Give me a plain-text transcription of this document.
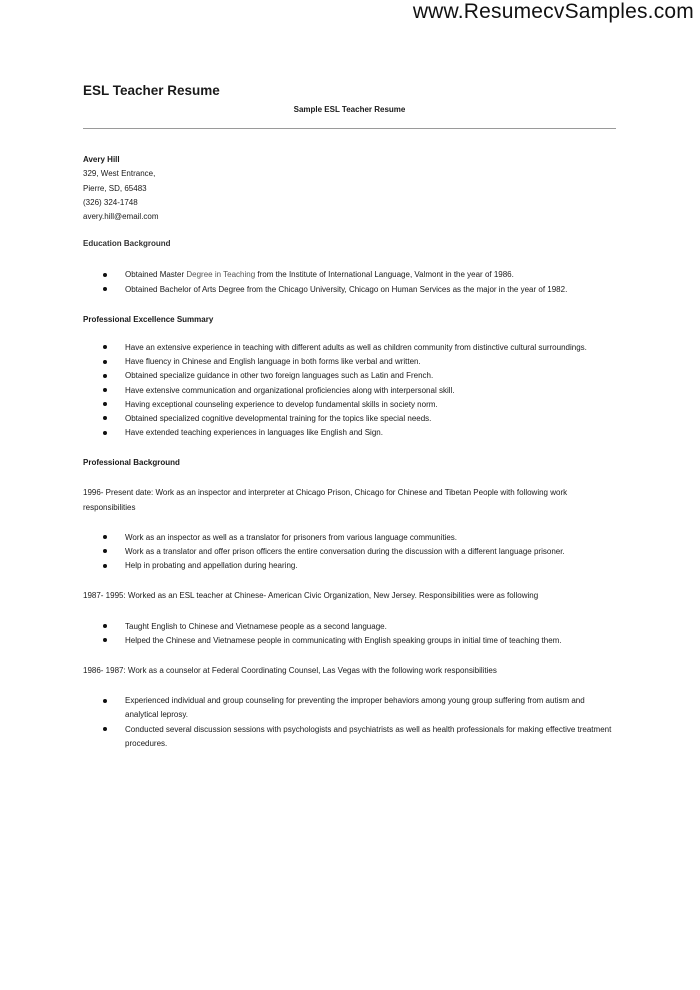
www.ResumecvSamples.com
ESL Teacher Resume
Sample ESL Teacher Resume
Avery Hill
329, West Entrance,
Pierre, SD, 65483
(326) 324-1748
avery.hill@email.com
Education Background
Obtained Master Degree in Teaching from the Institute of International Language, Valmont in the year of 1986.
Obtained Bachelor of Arts Degree from the Chicago University, Chicago on Human Services as the major in the year of 1982.
Professional Excellence Summary
Have an extensive experience in teaching with different adults as well as children community from distinctive cultural surroundings.
Have fluency in Chinese and English language in both forms like verbal and written.
Obtained specialize guidance in other two foreign languages such as Latin and French.
Have extensive communication and organizational proficiencies along with interpersonal skill.
Having exceptional counseling experience to develop fundamental skills in society norm.
Obtained specialized cognitive developmental training for the topics like special needs.
Have extended teaching experiences in languages like English and Sign.
Professional Background

1996- Present date: Work as an inspector and interpreter at Chicago Prison, Chicago for Chinese and Tibetan People with following work responsibilities

Work as an inspector as well as a translator for prisoners from various language communities.
Work as a translator and offer prison officers the entire conversation during the discussion with a different language prisoner.
Help in probating and appellation during hearing.

1987- 1995: Worked as an ESL teacher at Chinese- American Civic Organization, New Jersey. Responsibilities were as following

Taught English to Chinese and Vietnamese people as a second language.
Helped the Chinese and Vietnamese people in communicating with English speaking groups in initial time of teaching them.

1986- 1987: Work as a counselor at Federal Coordinating Counsel, Las Vegas with the following work responsibilities

Experienced individual and group counseling for preventing the improper behaviors among young group suffering from autism and analytical leprosy.
Conducted several discussion sessions with psychologists and psychiatrists as well as health professionals for making effective treatment procedures.
